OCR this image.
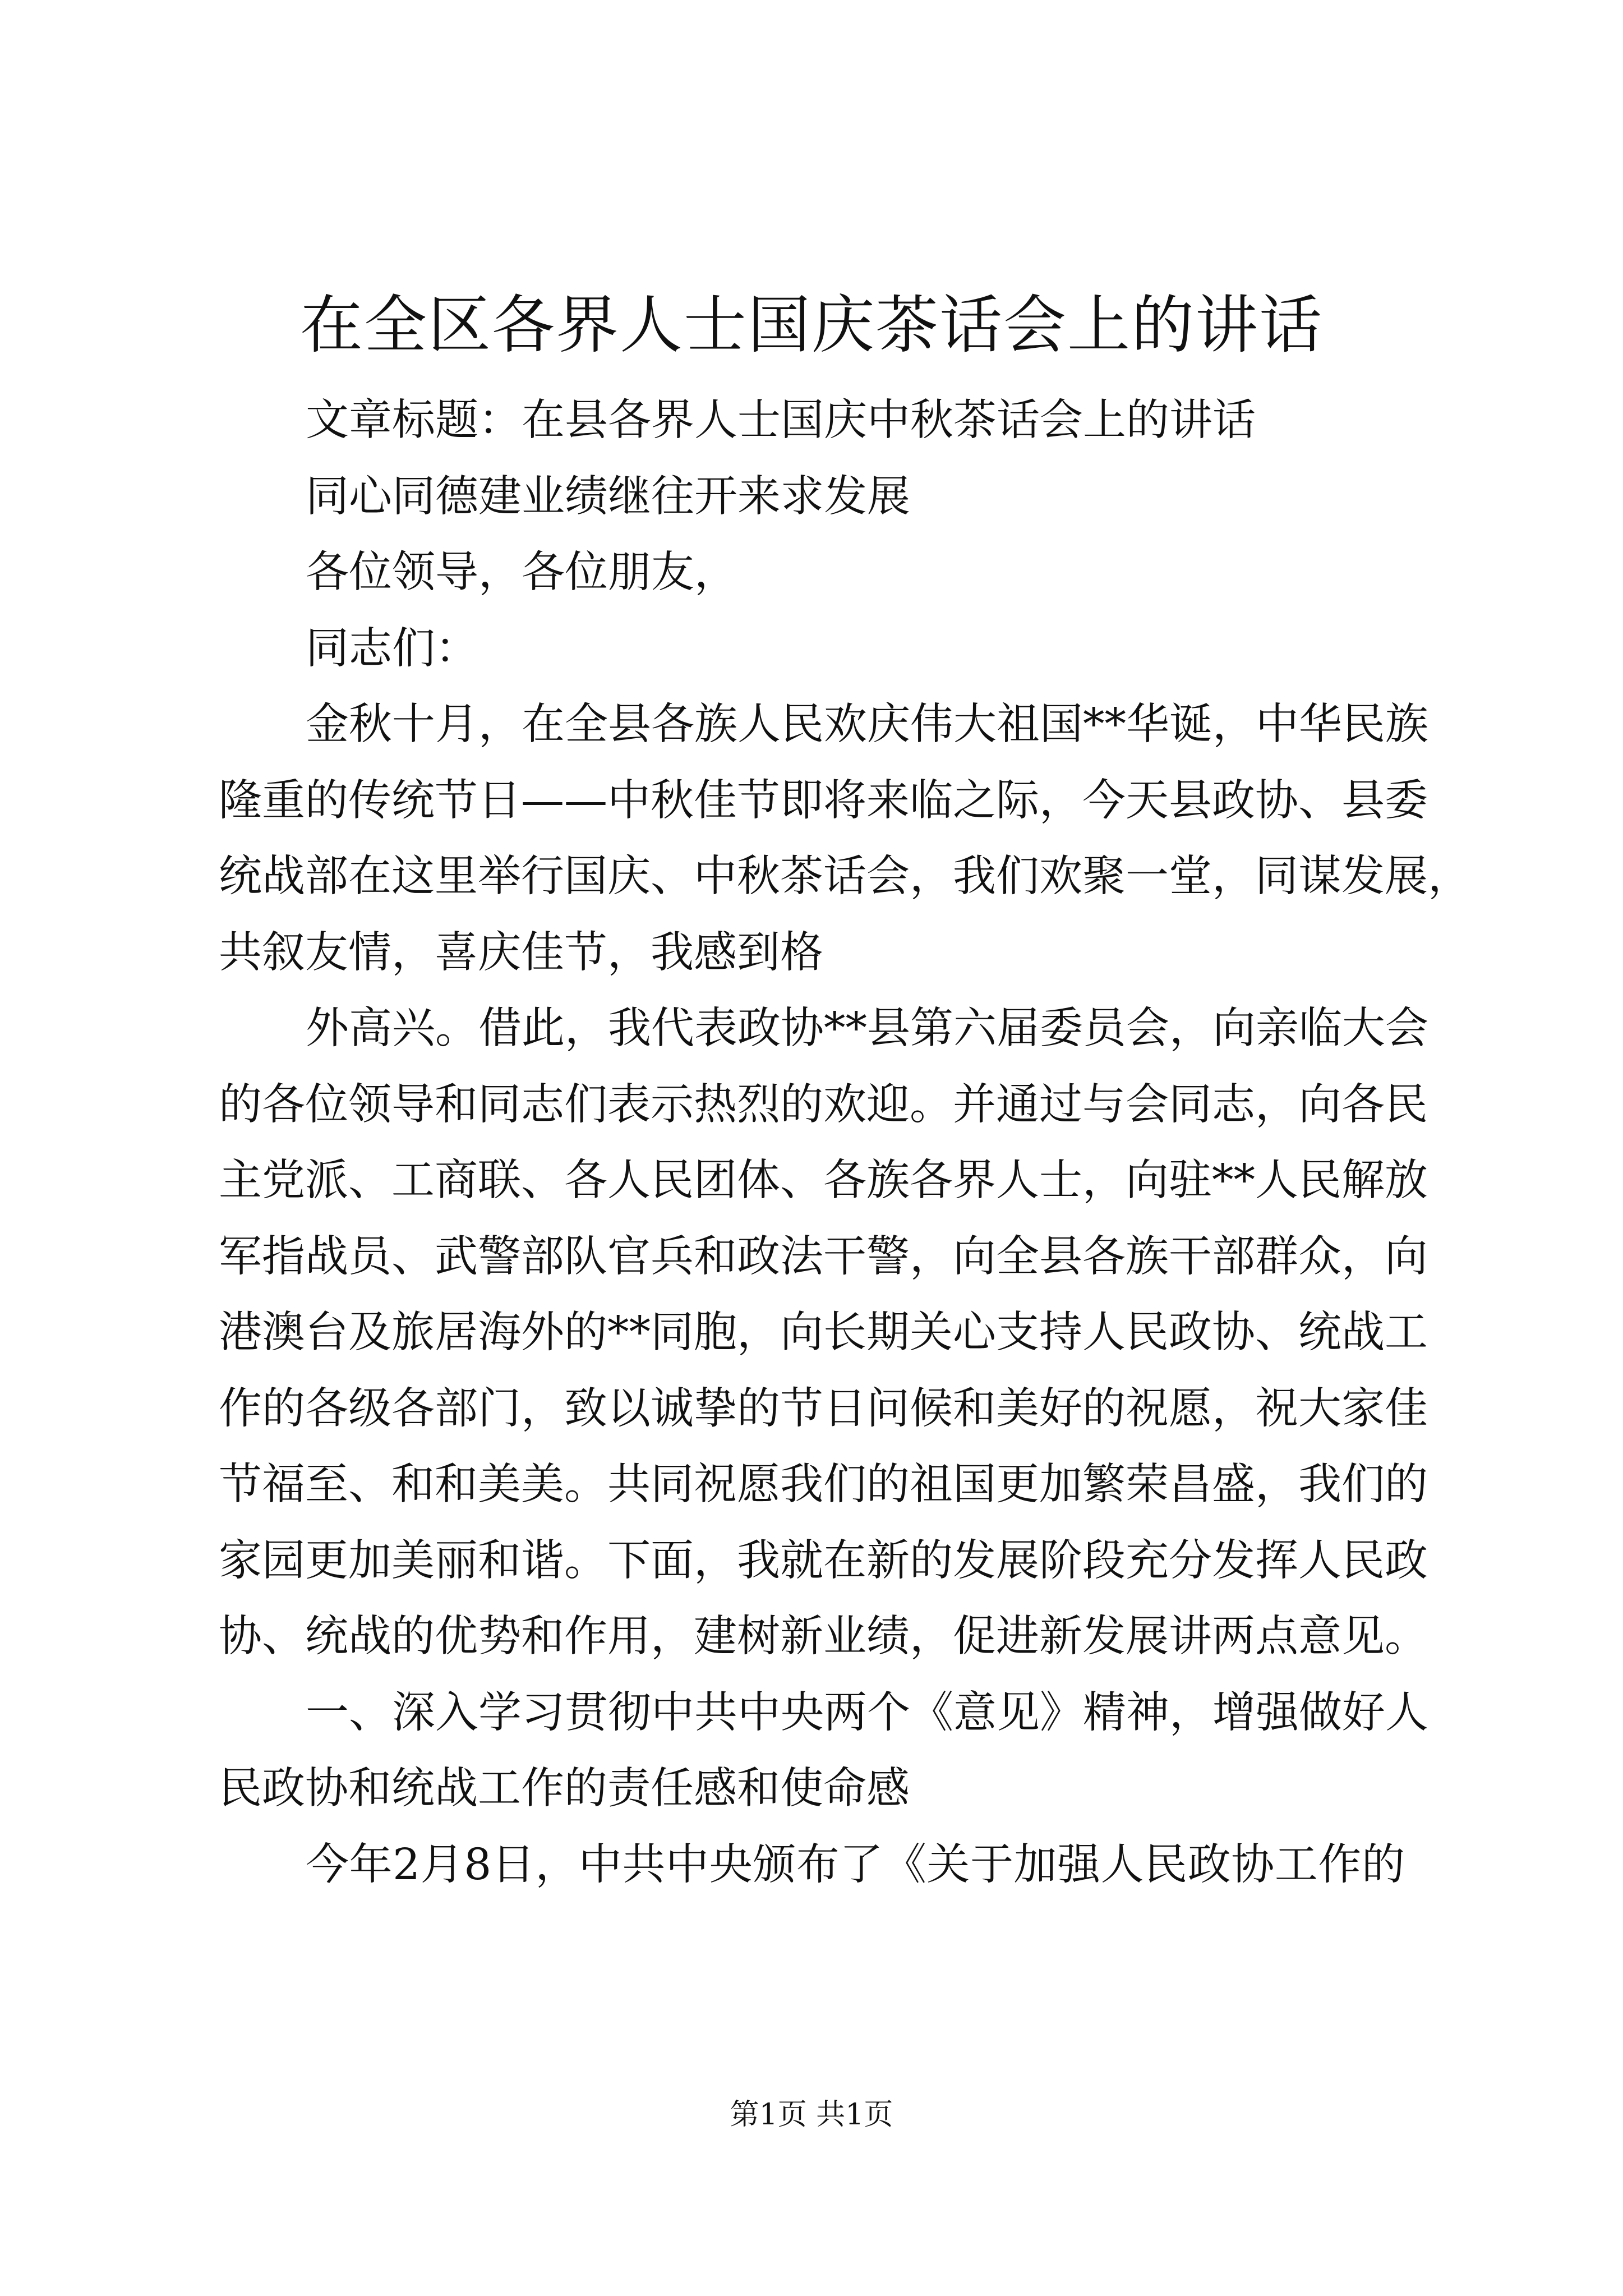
在全区各界人士国庆茶话会上的讲话
文章标题：在县各界人士国庆中秋茶话会上的讲话
同心同德建业绩继往开来求发展
各位领导，各位朋友，
同志们：
金秋十月，在全县各族人民欢庆伟大祖国**华诞，中华民族
隆重的传统节日——中秋佳节即将来临之际，今天县政协、县委
统战部在这里举行国庆、中秋茶话会，我们欢聚一堂，同谋发展，
共叙友情，喜庆佳节，我感到格
外高兴。借此，我代表政协**县第六届委员会，向亲临大会
的各位领导和同志们表示热烈的欢迎。并通过与会同志，向各民
主党派、工商联、各人民团体、各族各界人士，向驻**人民解放
军指战员、武警部队官兵和政法干警，向全县各族干部群众，向
港澳台及旅居海外的**同胞，向长期关心支持人民政协、统战工
作的各级各部门，致以诚挚的节日问候和美好的祝愿，祝大家佳
节福至、和和美美。共同祝愿我们的祖国更加繁荣昌盛，我们的
家园更加美丽和谐。下面，我就在新的发展阶段充分发挥人民政
协、统战的优势和作用，建树新业绩，促进新发展讲两点意见。
一、深入学习贯彻中共中央两个《意见》精神，增强做好人
民政协和统战工作的责任感和使命感
今年2月8日，中共中央颁布了《关于加强人民政协工作的
第1页 共1页
